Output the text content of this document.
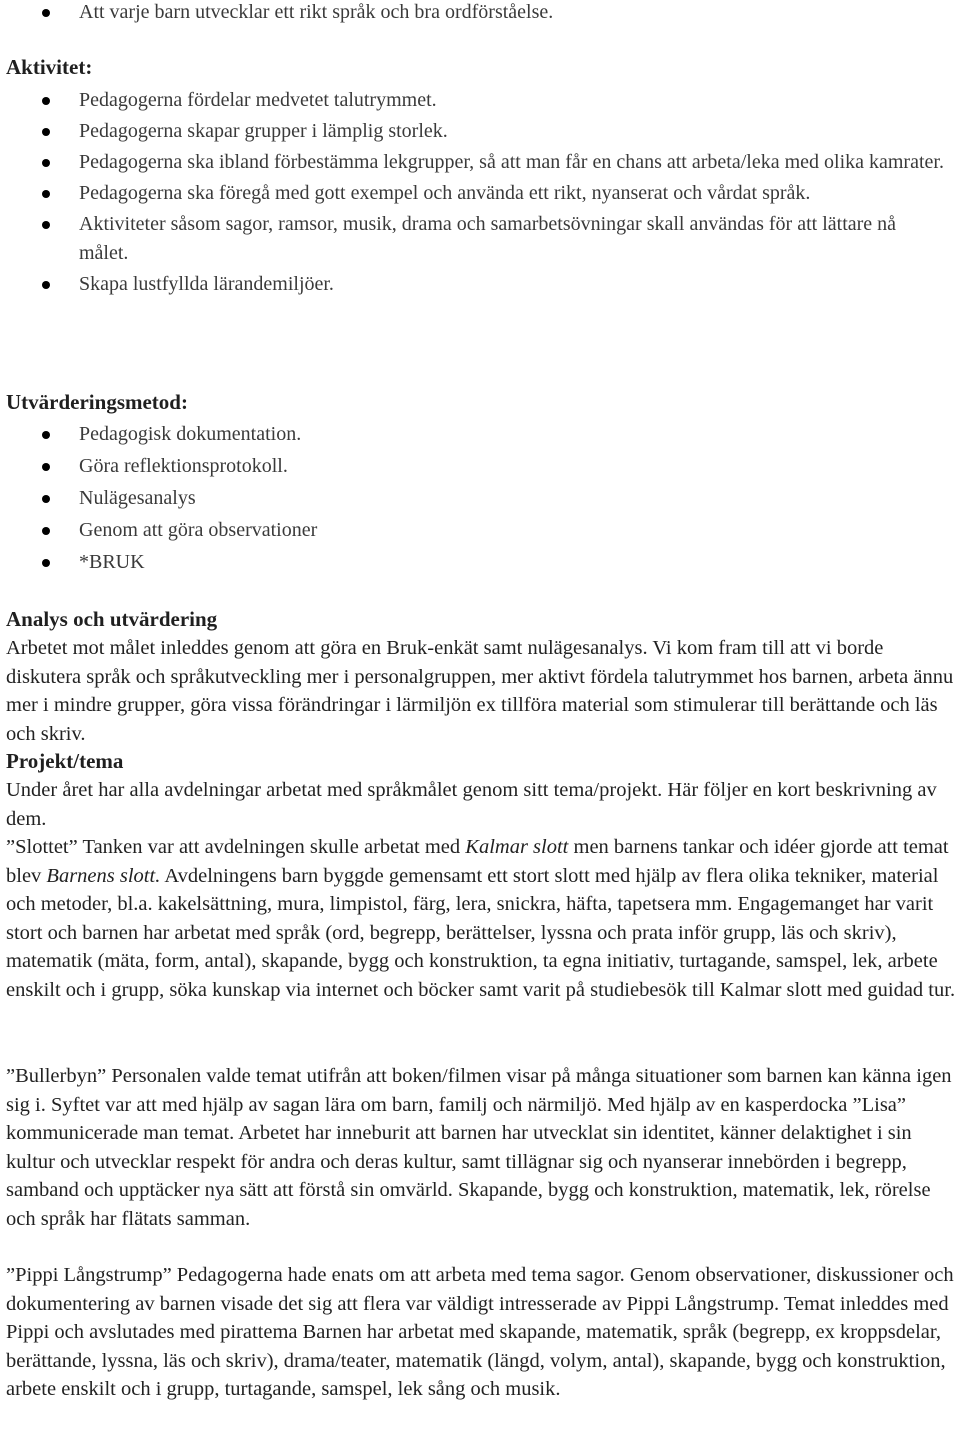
Att varje barn utvecklar ett rikt språk och bra ordförståelse.
Aktivitet:
Pedagogerna fördelar medvetet talutrymmet.
Pedagogerna skapar grupper i lämplig storlek.
Pedagogerna ska ibland förbestämma lekgrupper, så att man får en chans att arbeta/leka med olika kamrater.
Pedagogerna ska föregå med gott exempel och använda ett rikt, nyanserat och vårdat språk.
Aktiviteter såsom sagor, ramsor, musik, drama och samarbetsövningar skall användas för att lättare nå målet.
Skapa lustfyllda lärandemiljöer.
Utvärderingsmetod:
Pedagogisk dokumentation.
Göra reflektionsprotokoll.
Nulägesanalys
Genom att göra observationer
*BRUK
Analys och utvärdering

Arbetet mot målet inleddes genom att göra en Bruk-enkät samt nulägesanalys. Vi kom fram till att vi borde diskutera språk och språkutveckling mer i personalgruppen, mer aktivt fördela talutrymmet hos barnen, arbeta ännu mer i mindre grupper, göra vissa förändringar i lärmiljön ex tillföra material som stimulerar till berättande och läs och skriv.

Projekt/tema

Under året har alla avdelningar arbetat med språkmålet genom sitt tema/projekt. Här följer en kort beskrivning av dem.

”Slottet” Tanken var att avdelningen skulle arbetat med Kalmar slott men barnens tankar och idéer gjorde att temat blev Barnens slott. Avdelningens barn byggde gemensamt ett stort slott med hjälp av flera olika tekniker, material och metoder, bl.a. kakelsättning, mura, limpistol, färg, lera, snickra, häfta, tapetsera mm. Engagemanget har varit stort och barnen har arbetat med språk (ord, begrepp, berättelser, lyssna och prata inför grupp, läs och skriv), matematik (mäta, form, antal), skapande, bygg och konstruktion, ta egna initiativ, turtagande, samspel, lek, arbete enskilt och i grupp, söka kunskap via internet och böcker samt varit på studiebesök till Kalmar slott med guidad tur.

”Bullerbyn” Personalen valde temat utifrån att boken/filmen visar på många situationer som barnen kan känna igen sig i. Syftet var att med hjälp av sagan lära om barn, familj och närmiljö. Med hjälp av en kasperdocka ”Lisa” kommunicerade man temat. Arbetet har inneburit att barnen har utvecklat sin identitet, känner delaktighet i sin kultur och utvecklar respekt för andra och deras kultur, samt tillägnar sig och nyanserar innebörden i begrepp, samband och upptäcker nya sätt att förstå sin omvärld. Skapande, bygg och konstruktion, matematik, lek, rörelse och språk har flätats samman.

”Pippi Långstrump” Pedagogerna hade enats om att arbeta med tema sagor. Genom observationer, diskussioner och dokumentering av barnen visade det sig att flera var väldigt intresserade av Pippi Långstrump. Temat inleddes med Pippi och avslutades med pirattema Barnen har arbetat med skapande, matematik, språk (begrepp, ex kroppsdelar, berättande, lyssna, läs och skriv), drama/teater, matematik (längd, volym, antal), skapande, bygg och konstruktion, arbete enskilt och i grupp, turtagande, samspel, lek sång och musik.
